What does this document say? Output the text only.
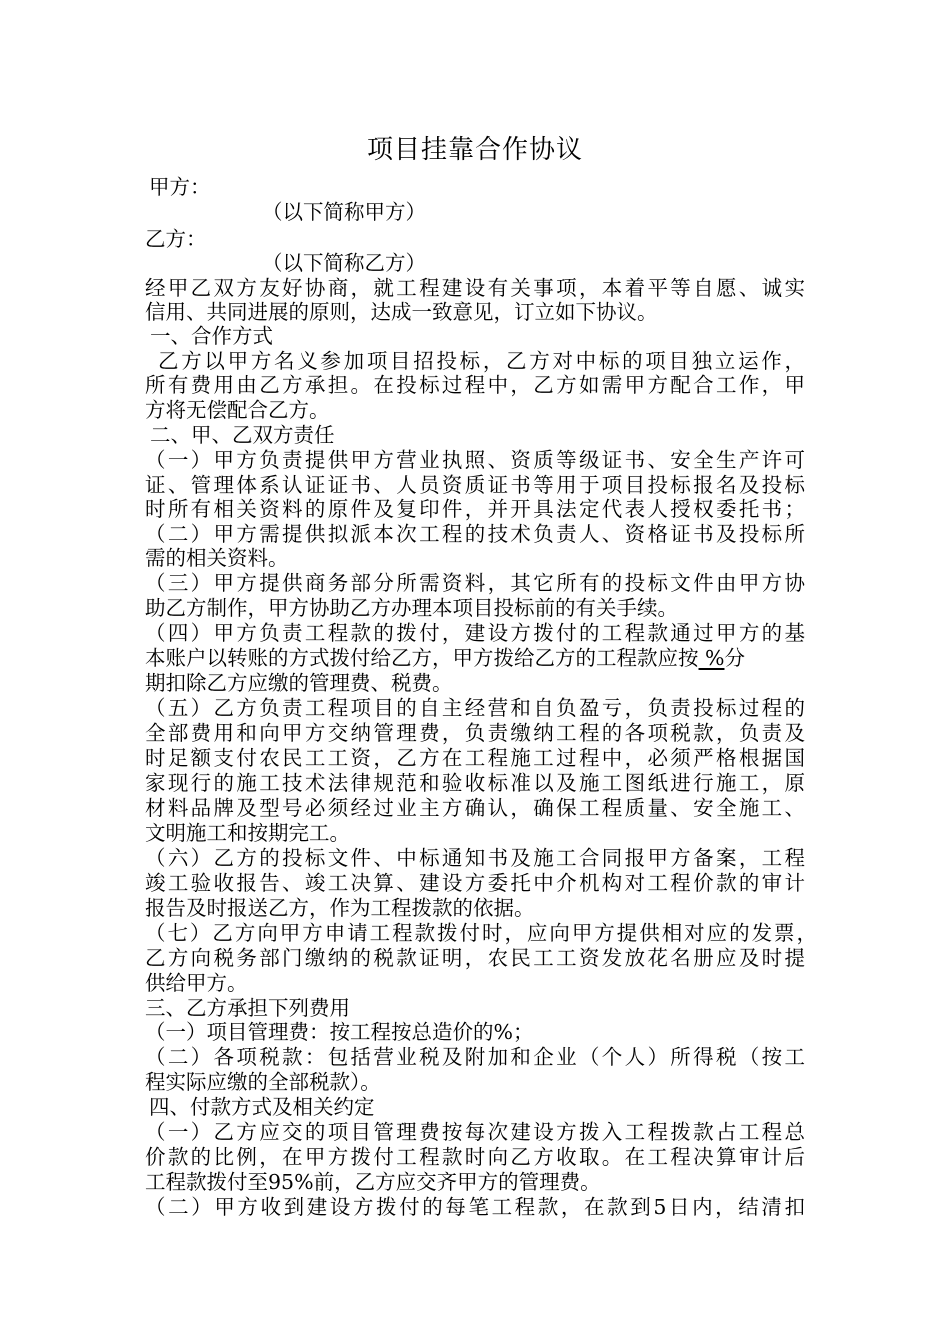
项目挂靠合作协议
甲方：
（以下简称甲方）
乙方：
（以下简称乙方）
经甲乙双方友好协商，就工程建设有关事项，本着平等自愿、诚实
信用、共同进展的原则，达成一致意见，订立如下协议。
一、合作方式
乙方以甲方名义参加项目招投标，乙方对中标的项目独立运作，
所有费用由乙方承担。在投标过程中，乙方如需甲方配合工作，甲
方将无偿配合乙方。
二、甲、乙双方责任
（一）甲方负责提供甲方营业执照、资质等级证书、安全生产许可
证、管理体系认证证书、人员资质证书等用于项目投标报名及投标
时所有相关资料的原件及复印件，并开具法定代表人授权委托书；
（二）甲方需提供拟派本次工程的技术负责人、资格证书及投标所
需的相关资料。
（三）甲方提供商务部分所需资料，其它所有的投标文件由甲方协
助乙方制作，甲方协助乙方办理本项目投标前的有关手续。
（四）甲方负责工程款的拨付，建设方拨付的工程款通过甲方的基
本账户以转账的方式拨付给乙方，甲方拨给乙方的工程款应按 %分
期扣除乙方应缴的管理费、税费。
（五）乙方负责工程项目的自主经营和自负盈亏，负责投标过程的
全部费用和向甲方交纳管理费，负责缴纳工程的各项税款，负责及
时足额支付农民工工资，乙方在工程施工过程中，必须严格根据国
家现行的施工技术法律规范和验收标准以及施工图纸进行施工，原
材料品牌及型号必须经过业主方确认，确保工程质量、安全施工、
文明施工和按期完工。
（六）乙方的投标文件、中标通知书及施工合同报甲方备案，工程
竣工验收报告、竣工决算、建设方委托中介机构对工程价款的审计
报告及时报送乙方，作为工程拨款的依据。
（七）乙方向甲方申请工程款拨付时，应向甲方提供相对应的发票，
乙方向税务部门缴纳的税款证明，农民工工资发放花名册应及时提
供给甲方。
三、乙方承担下列费用
（一）项目管理费：按工程按总造价的%；
（二）各项税款：包括营业税及附加和企业（个人）所得税（按工
程实际应缴的全部税款）。
四、付款方式及相关约定
（一）乙方应交的项目管理费按每次建设方拨入工程拨款占工程总
价款的比例，在甲方拨付工程款时向乙方收取。在工程决算审计后
工程款拨付至95%前，乙方应交齐甲方的管理费。
（二）甲方收到建设方拨付的每笔工程款，在款到5日内，结清扣
